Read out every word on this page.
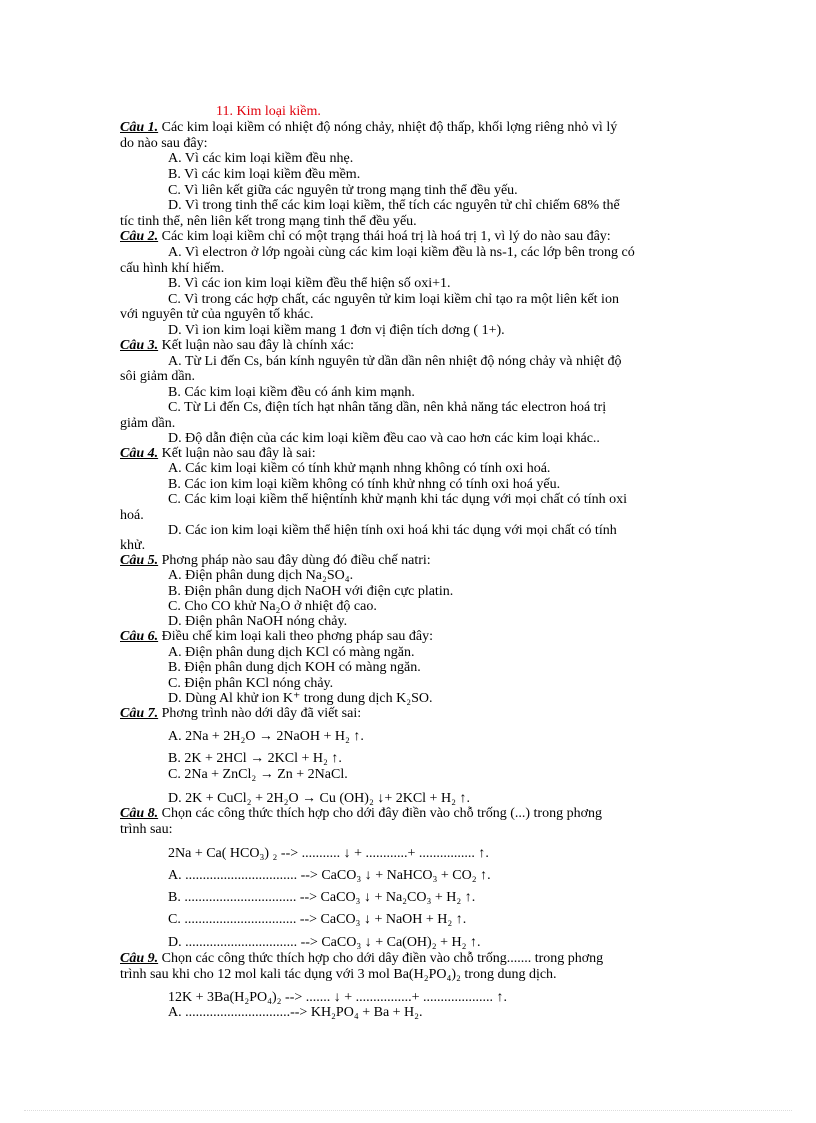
11. Kim loại kiềm.
Câu 1. Các kim loại kiềm có nhiệt độ nóng chảy, nhiệt độ thấp, khối lợng riêng nhỏ vì lý
do nào sau đây:
A. Vì các kim loại kiềm đều nhẹ.
B. Vì các kim loại kiềm đều mềm.
C. Vì liên kết giữa các nguyên tử trong mạng tinh thể đều yếu.
D. Vì trong tinh thể các kim loại kiềm, thể tích các nguyên tử chỉ chiếm 68% thể
tíc tinh thể, nên liên kết trong mạng tinh thể đều yếu.
Câu 2. Các kim loại kiềm chỉ có một trạng thái hoá trị là hoá trị 1, vì lý do nào sau đây:
A. Vì electron ở lớp ngoài cùng các kim loại kiềm đều là ns-1, các lớp bên trong có
cấu hình khí hiếm.
B. Vì các ion kim loại kiềm đều thể hiện số oxi+1.
C. Vì trong các hợp chất, các nguyên tử kim loại kiềm chỉ tạo ra một liên kết ion
với nguyên tử của nguyên tố khác.
D. Vì ion kim loại kiềm mang 1 đơn vị điện tích dơng ( 1+).
Câu 3. Kết luận nào sau đây là chính xác:
A. Từ Li đến Cs, bán kính nguyên tử dần dần nên nhiệt độ nóng chảy và nhiệt độ
sôi giảm dần.
B. Các kim loại kiềm đều có ánh kim mạnh.
C. Từ Li đến Cs, điện tích hạt nhân tăng dần, nên khả năng tác electron hoá trị
giảm dần.
D. Độ dẫn điện của các kim loại kiềm đều cao và cao hơn các kim loại khác..
Câu 4. Kết luận nào sau đây là sai:
A. Các kim loại kiềm có tính khử mạnh nhng không có tính oxi hoá.
B. Các ion kim loại kiềm không có tính khử nhng có tính oxi hoá yếu.
C. Các kim loại kiềm thể hiệntính khử mạnh khi tác dụng với mọi chất có tính oxi
hoá.
D. Các ion kim loại kiềm thể hiện tính oxi hoá khi tác dụng với mọi chất có tính
khử.
Câu 5. Phơng pháp nào sau đây dùng đó điều chế natri:
A. Điện phân dung dịch Na₂SO₄.
B. Điện phân dung dịch NaOH với điện cực platin.
C. Cho CO khử Na₂O ở nhiệt độ cao.
D. Điện phân NaOH nóng chảy.
Câu 6. Điều chế kim loại kali theo phơng pháp sau đây:
A. Điện phân dung dịch KCl có màng ngăn.
B. Điện phân dung dịch KOH có màng ngăn.
C. Điện phân KCl nóng chảy.
D. Dùng Al khử ion K⁺ trong dung dịch K₂SO.
Câu 7. Phơng trình nào dới dây đã viết sai:
A. 2Na + 2H₂O → 2NaOH + H₂ ↑.
B. 2K + 2HCl → 2KCl + H₂ ↑.
C. 2Na + ZnCl₂ → Zn + 2NaCl.
D. 2K + CuCl₂ + 2H₂O → Cu (OH)₂ ↓+ 2KCl + H₂ ↑.
Câu 8. Chọn các công thức thích hợp cho dới đây điền vào chỗ trống (...) trong phơng
trình sau:
2Na + Ca( HCO₃) ₂ --> ........... ↓ + ............+ ................ ↑.
A. ................................ --> CaCO₃ ↓ + NaHCO₃ + CO₂ ↑.
B. ................................ --> CaCO₃ ↓ + Na₂CO₃ + H₂ ↑.
C. ................................ --> CaCO₃ ↓ + NaOH + H₂ ↑.
D. ................................ --> CaCO₃ ↓ + Ca(OH)₂ + H₂ ↑.
Câu 9. Chọn các công thức thích hợp cho dới dây điền vào chỗ trống....... trong phơng
trình sau khi cho 12 mol kali tác dụng với 3 mol Ba(H₂PO₄)₂ trong dung dịch.
12K + 3Ba(H₂PO₄)₂ --> ....... ↓ + ................+ .................... ↑.
A. ..............................--> KH₂PO₄ + Ba + H₂.
